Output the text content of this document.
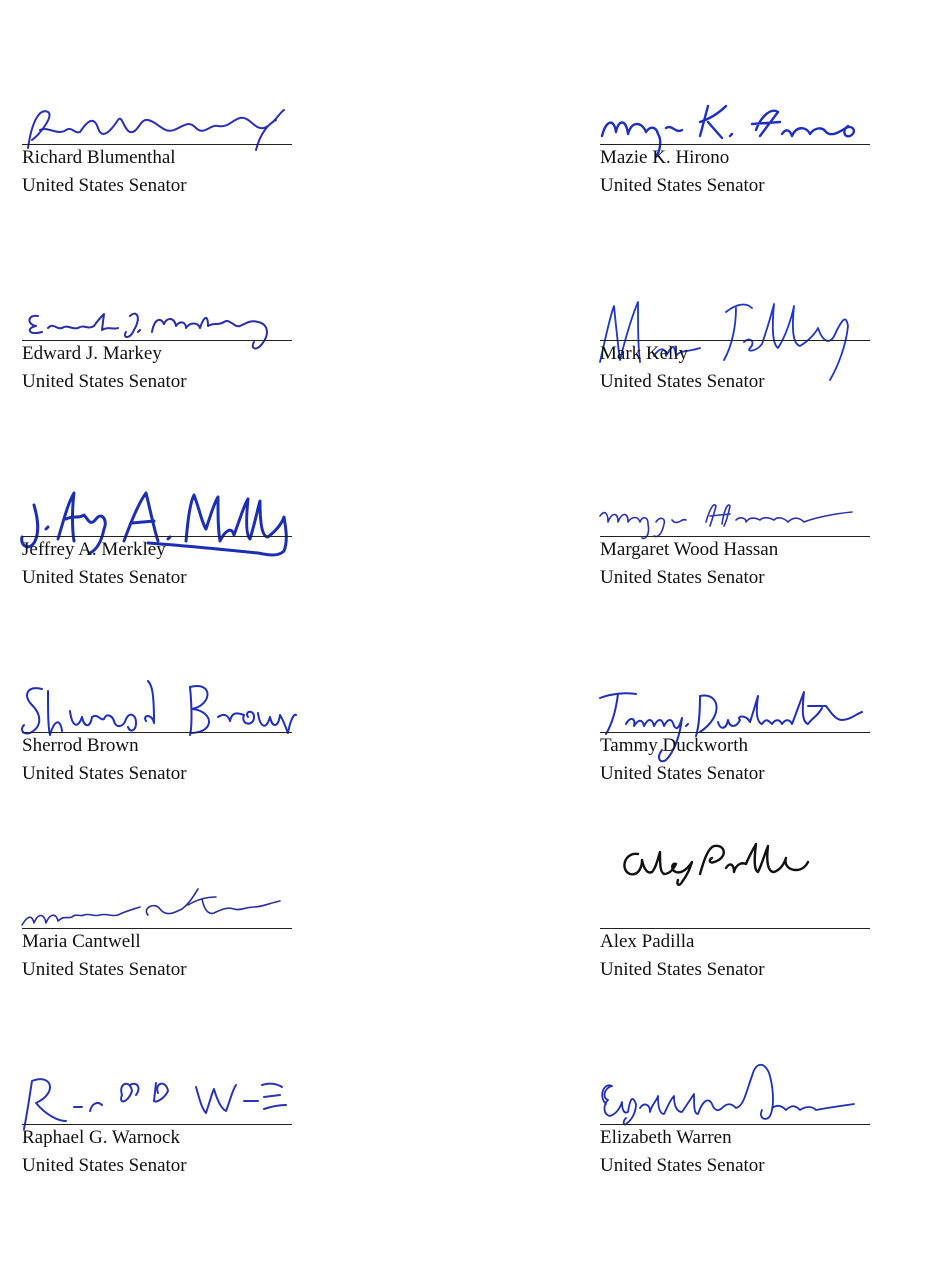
Richard Blumenthal
United States Senator
Mazie K. Hirono
United States Senator
Edward J. Markey
United States Senator
Mark Kelly
United States Senator
Jeffrey A. Merkley
United States Senator
Margaret Wood Hassan
United States Senator
Sherrod Brown
United States Senator
Tammy Duckworth
United States Senator
Maria Cantwell
United States Senator
Alex Padilla
United States Senator
Raphael G. Warnock
United States Senator
Elizabeth Warren
United States Senator
